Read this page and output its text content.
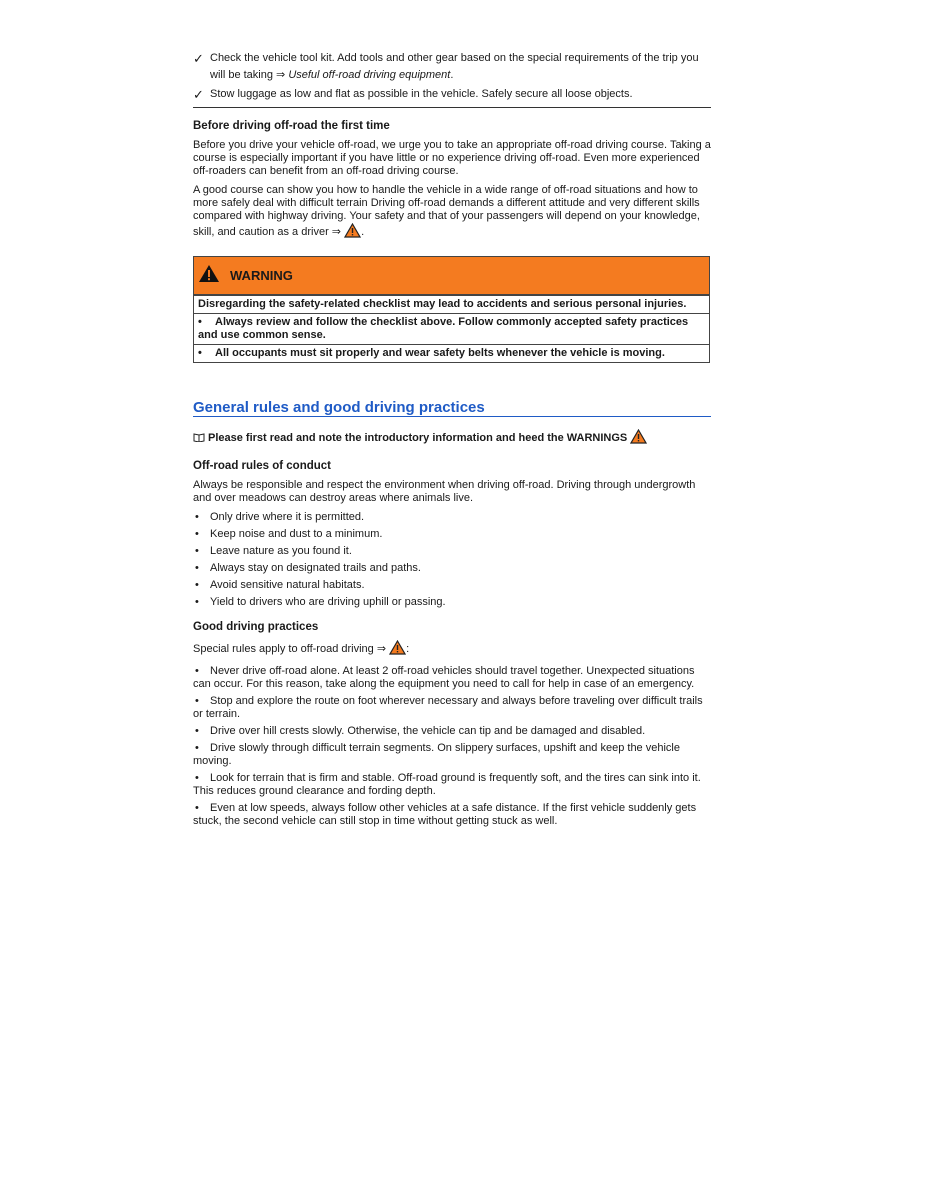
✓ Check the vehicle tool kit. Add tools and other gear based on the special requirements of the trip you will be taking ⇒ Useful off-road driving equipment.
✓ Stow luggage as low and flat as possible in the vehicle. Safely secure all loose objects.
Before driving off-road the first time

Before you drive your vehicle off-road, we urge you to take an appropriate off-road driving course. Taking a course is especially important if you have little or no experience driving off-road. Even more experienced off-roaders can benefit from an off-road driving course.

A good course can show you how to handle the vehicle in a wide range of off-road situations and how to more safely deal with difficult terrain Driving off-road demands a different attitude and very different skills compared with highway driving. Your safety and that of your passengers will depend on your knowledge, skill, and caution as a driver ⇒ .

WARNING
Disregarding the safety-related checklist may lead to accidents and serious personal injuries.
• Always review and follow the checklist above. Follow commonly accepted safety practices and use common sense.
• All occupants must sit properly and wear safety belts whenever the vehicle is moving.
General rules and good driving practices
Please first read and note the introductory information and heed the WARNINGS
Off-road rules of conduct

Always be responsible and respect the environment when driving off-road. Driving through undergrowth and over meadows can destroy areas where animals live.

• Only drive where it is permitted.
• Keep noise and dust to a minimum.
• Leave nature as you found it.
• Always stay on designated trails and paths.
• Avoid sensitive natural habitats.
• Yield to drivers who are driving uphill or passing.
Good driving practices

Special rules apply to off-road driving ⇒ :

• Never drive off-road alone. At least 2 off-road vehicles should travel together. Unexpected situations can occur. For this reason, take along the equipment you need to call for help in case of an emergency.
• Stop and explore the route on foot wherever necessary and always before traveling over difficult trails or terrain.
• Drive over hill crests slowly. Otherwise, the vehicle can tip and be damaged and disabled.
• Drive slowly through difficult terrain segments. On slippery surfaces, upshift and keep the vehicle moving.
• Look for terrain that is firm and stable. Off-road ground is frequently soft, and the tires can sink into it. This reduces ground clearance and fording depth.
• Even at low speeds, always follow other vehicles at a safe distance. If the first vehicle suddenly gets stuck, the second vehicle can still stop in time without getting stuck as well.
